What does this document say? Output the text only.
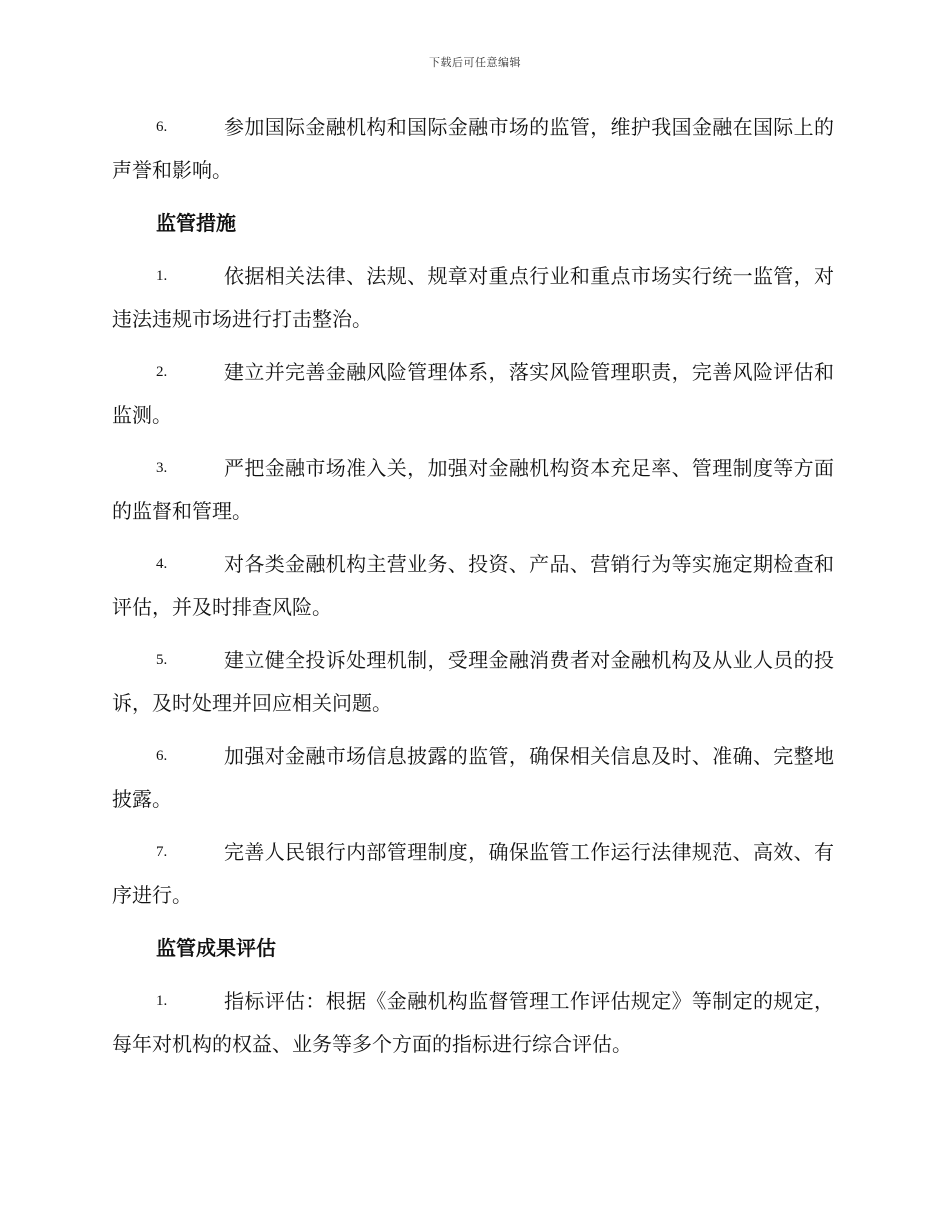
下载后可任意编辑

6.	参加国际金融机构和国际金融市场的监管，维护我国金融在国际上的声誉和影响。

监管措施

1.	依据相关法律、法规、规章对重点行业和重点市场实行统一监管，对违法违规市场进行打击整治。

2.	建立并完善金融风险管理体系，落实风险管理职责，完善风险评估和监测。

3.	严把金融市场准入关，加强对金融机构资本充足率、管理制度等方面的监督和管理。

4.	对各类金融机构主营业务、投资、产品、营销行为等实施定期检查和评估，并及时排查风险。

5.	建立健全投诉处理机制，受理金融消费者对金融机构及从业人员的投诉，及时处理并回应相关问题。

6.	加强对金融市场信息披露的监管，确保相关信息及时、准确、完整地披露。

7.	完善人民银行内部管理制度，确保监管工作运行法律规范、高效、有序进行。

监管成果评估

1.	指标评估：根据《金融机构监督管理工作评估规定》等制定的规定，每年对机构的权益、业务等多个方面的指标进行综合评估。
